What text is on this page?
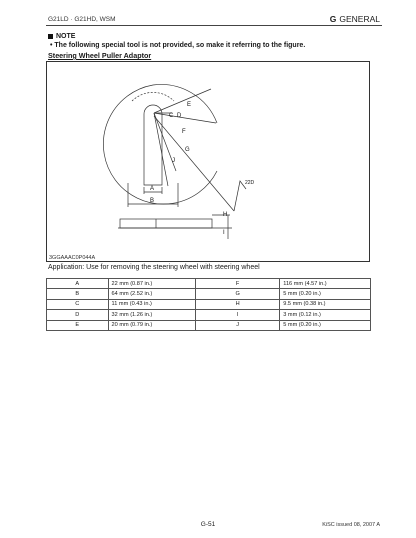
G21LD · G21HD, WSM	G GENERAL
NOTE
• The following special tool is not provided, so make it referring to the figure.
Steering Wheel Puller Adaptor
C D
E
F
G
J
A
B
H
I
22D
3GGAAAC0P044A
Application: Use for removing the steering wheel with steering wheel
A	22 mm (0.87 in.)	F	116 mm (4.57 in.)
B	64 mm (2.52 in.)	G	5 mm (0.20 in.)
C	11 mm (0.43 in.)	H	9.5 mm (0.38 in.)
D	32 mm (1.26 in.)	I	3 mm (0.12 in.)
E	20 mm (0.79 in.)	J	5 mm (0.20 in.)
G-51	KiSC issued 08, 2007 A
